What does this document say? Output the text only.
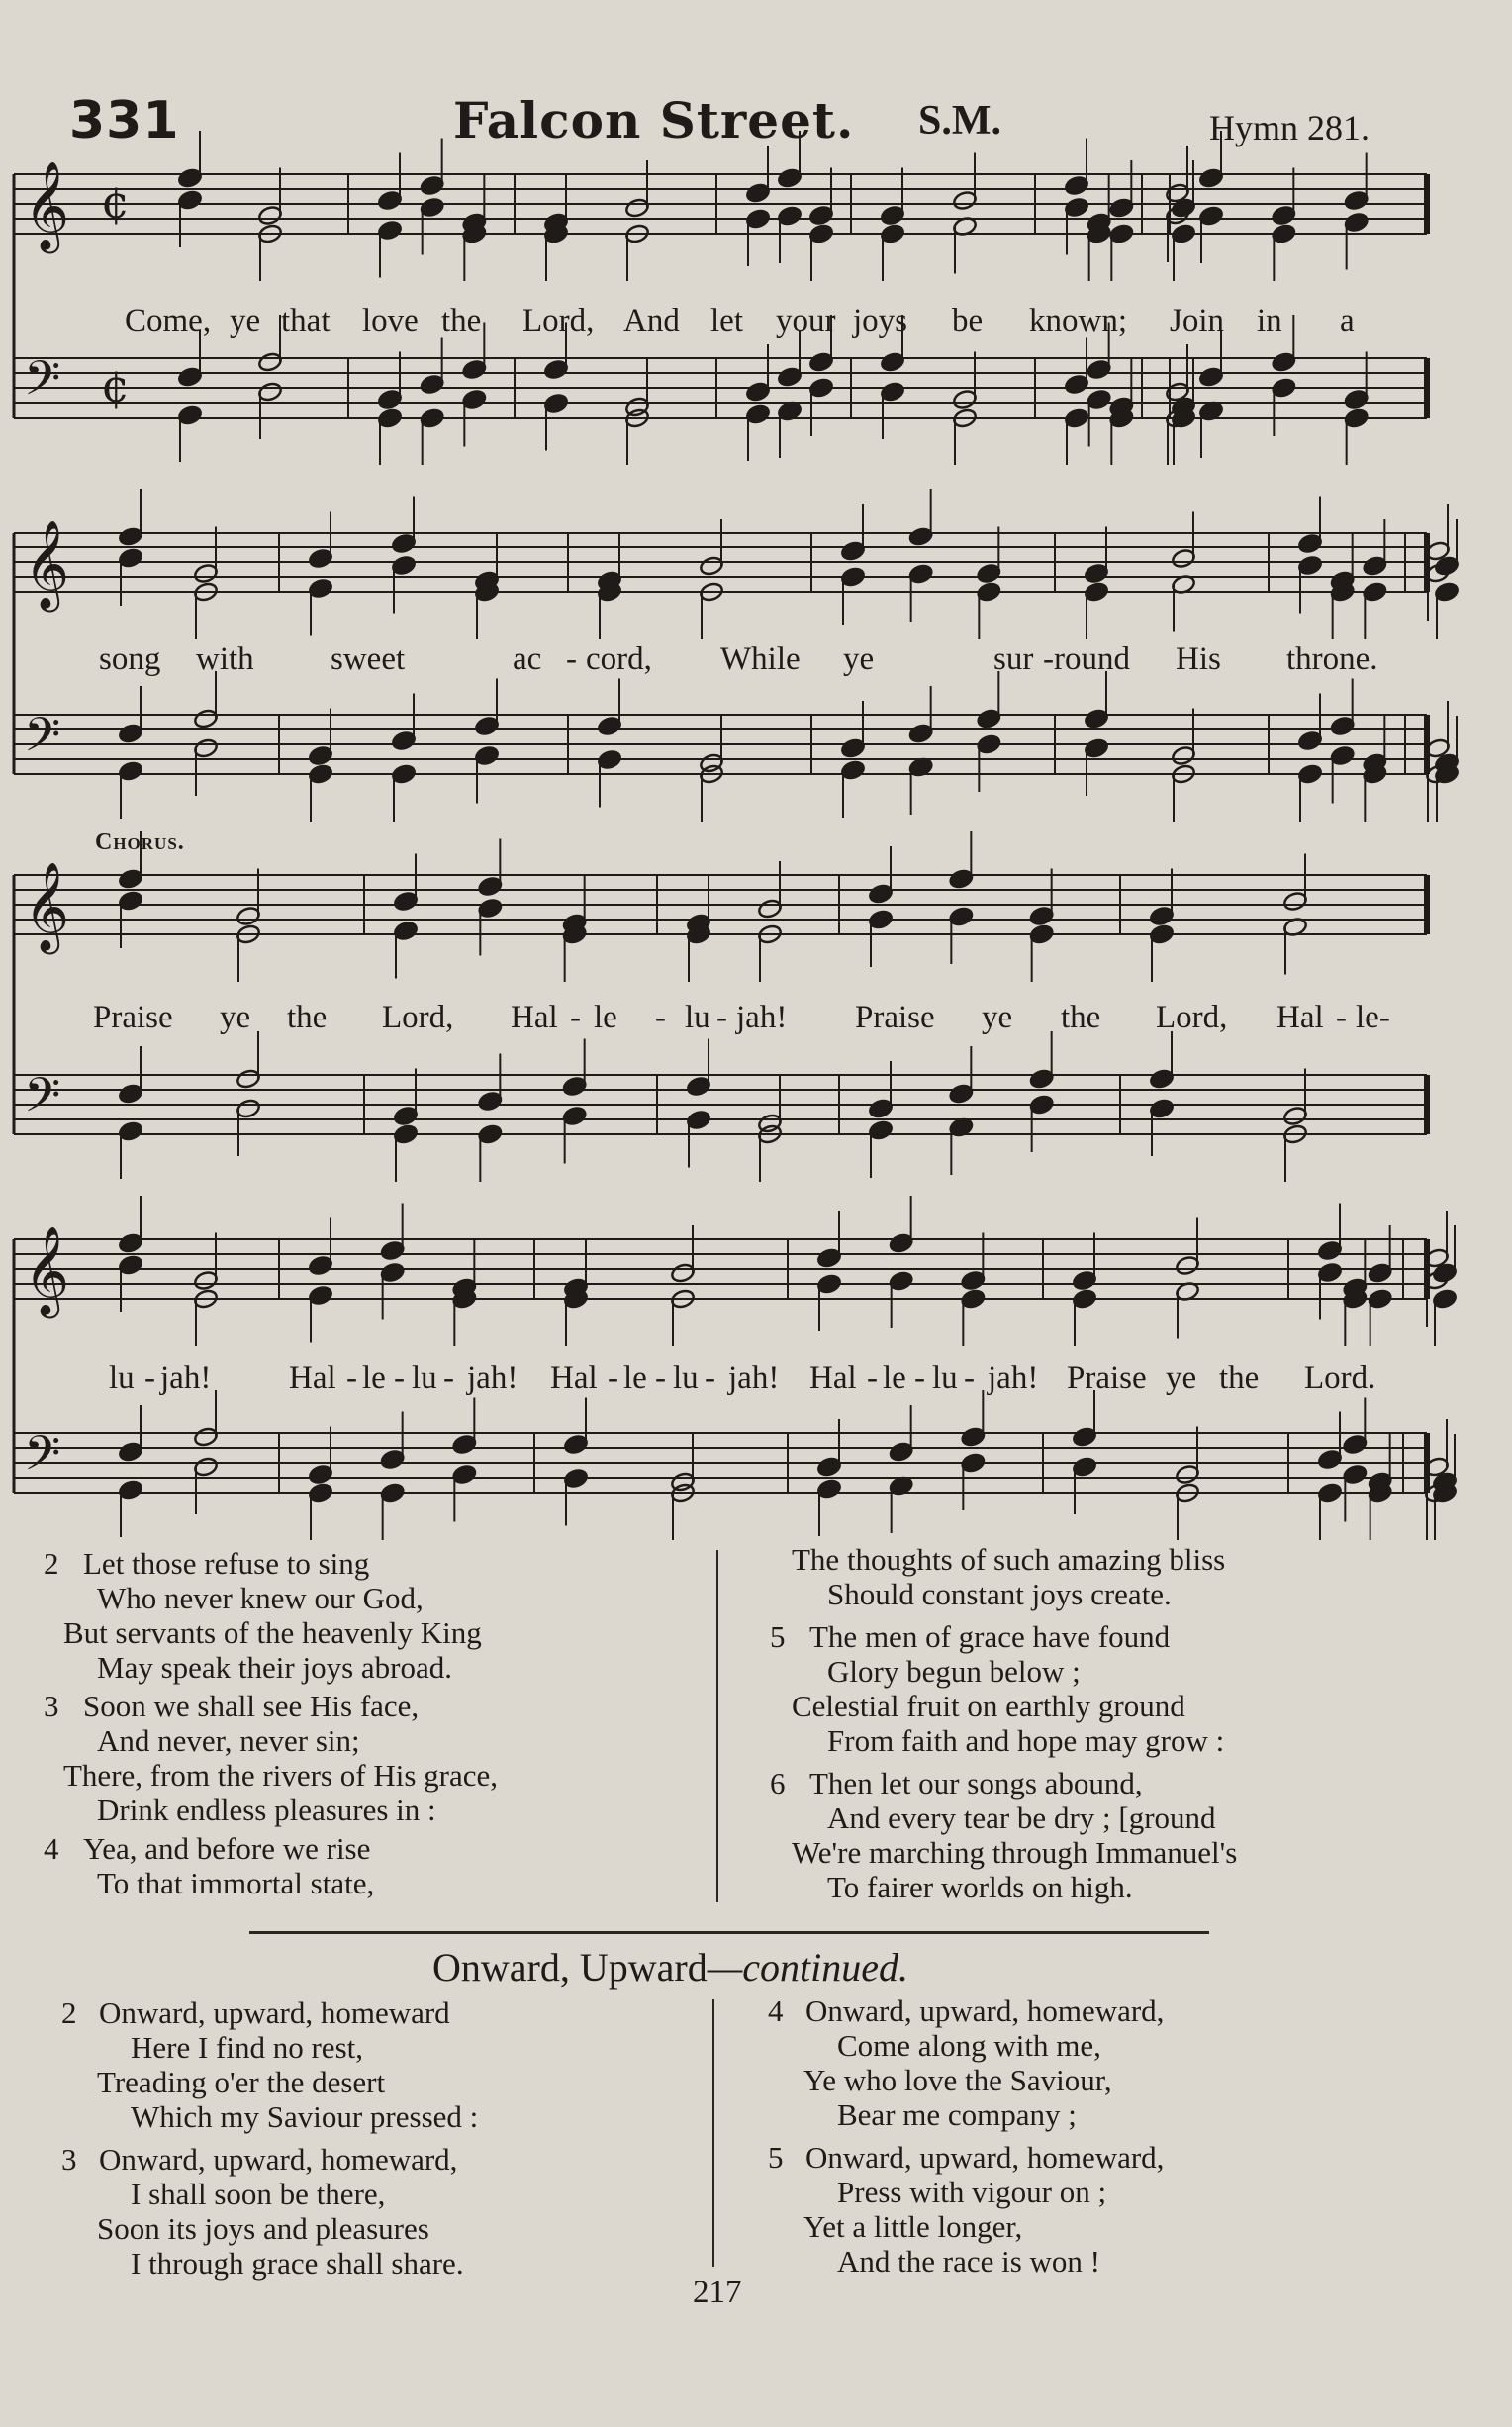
331	Falcon Street. S.M.	Hymn 281.
𝄞 ¢
𝄢 ¢
𝄞
𝄢
𝄞
𝄢
𝄞
𝄢
Chorus.
Come, ye that love the Lord, And let your joys be known; Join in a
song with sweet	ac - cord, While ye	sur -round His throne.
Praise ye the Lord, Hal - le - lu - jah! Praise ye the Lord, Hal - le-
lu - jah! Hal - le - lu - jah! Hal - le - lu - jah! Hal - le - lu - jah! Praise ye the Lord.
2 Let those refuse to sing
Who never knew our God,
But servants of the heavenly King
May speak their joys abroad.
3 Soon we shall see His face,
And never, never sin;
There, from the rivers of His grace,
Drink endless pleasures in :
4 Yea, and before we rise
To that immortal state,
The thoughts of such amazing bliss
Should constant joys create.
5 The men of grace have found
Glory begun below ;
Celestial fruit on earthly ground
From faith and hope may grow :
6 Then let our songs abound,
And every tear be dry ; [ground
We're marching through Immanuel's
To fairer worlds on high.
Onward, Upward—continued.
2 Onward, upward, homeward
Here I find no rest,
Treading o'er the desert
Which my Saviour pressed :
3 Onward, upward, homeward,
I shall soon be there,
Soon its joys and pleasures
I through grace shall share.
4 Onward, upward, homeward,
Come along with me,
Ye who love the Saviour,
Bear me company ;
5 Onward, upward, homeward,
Press with vigour on ;
Yet a little longer,
And the race is won !
217
